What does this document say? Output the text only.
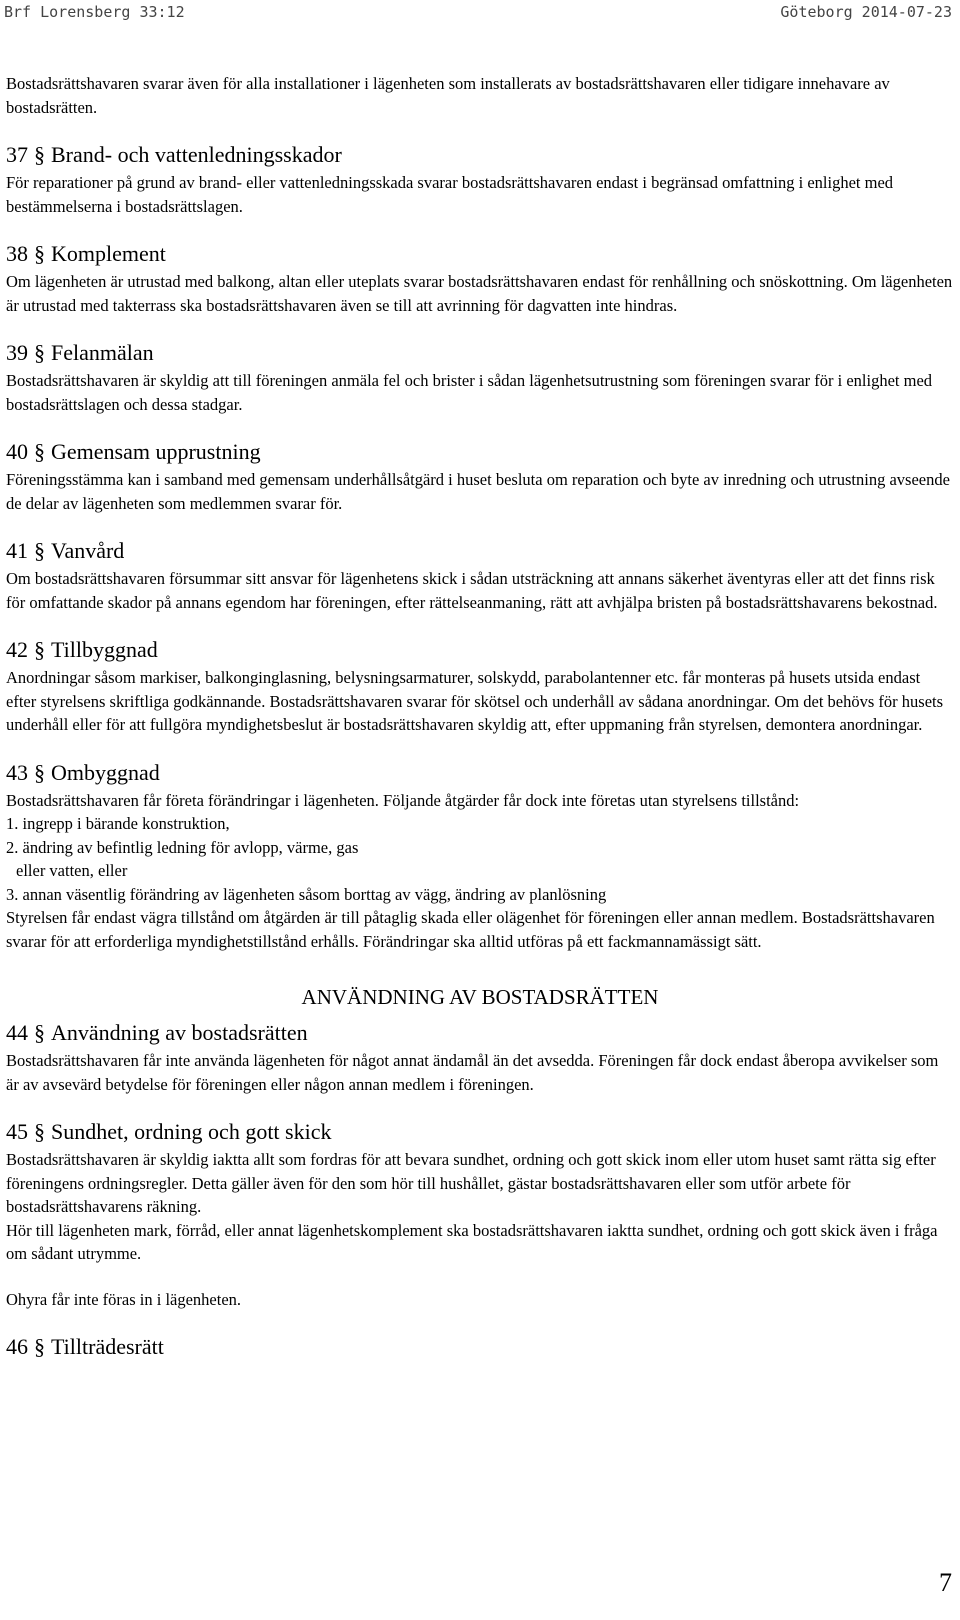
Brf Lorensberg 33:12	Göteborg 2014-07-23

Bostadsrättshavaren svarar även för alla installationer i lägenheten som installerats av bostadsrättshavaren eller tidigare innehavare av bostadsrätten.

37 § Brand- och vattenledningsskador

För reparationer på grund av brand- eller vattenledningsskada svarar bostadsrättshavaren endast i begränsad omfattning i enlighet med bestämmelserna i bostadsrättslagen.

38 § Komplement

Om lägenheten är utrustad med balkong, altan eller uteplats svarar bostadsrättshavaren endast för renhållning och snöskottning. Om lägenheten är utrustad med takterrass ska bostadsrättshavaren även se till att avrinning för dagvatten inte hindras.

39 § Felanmälan

Bostadsrättshavaren är skyldig att till föreningen anmäla fel och brister i sådan lägenhetsutrustning som föreningen svarar för i enlighet med bostadsrättslagen och dessa stadgar.

40 § Gemensam upprustning

Föreningsstämma kan i samband med gemensam underhållsåtgärd i huset besluta om reparation och byte av inredning och utrustning avseende de delar av lägenheten som medlemmen svarar för.

41 § Vanvård

Om bostadsrättshavaren försummar sitt ansvar för lägenhetens skick i sådan utsträckning att annans säkerhet äventyras eller att det finns risk för omfattande skador på annans egendom har föreningen, efter rättelseanmaning, rätt att avhjälpa bristen på bostadsrättshavarens bekostnad.

42 § Tillbyggnad

Anordningar såsom markiser, balkonginglasning, belysningsarmaturer, solskydd, parabolantenner etc. får monteras på husets utsida endast efter styrelsens skriftliga godkännande. Bostadsrättshavaren svarar för skötsel och underhåll av sådana anordningar. Om det behövs för husets underhåll eller för att fullgöra myndighetsbeslut är bostadsrättshavaren skyldig att, efter uppmaning från styrelsen, demontera anordningar.

43 § Ombyggnad

Bostadsrättshavaren får företa förändringar i lägenheten. Följande åtgärder får dock inte företas utan styrelsens tillstånd:

1. ingrepp i bärande konstruktion,
2. ändring av befintlig ledning för avlopp, värme, gas
eller vatten, eller
3. annan väsentlig förändring av lägenheten såsom borttag av vägg, ändring av planlösning

Styrelsen får endast vägra tillstånd om åtgärden är till påtaglig skada eller olägenhet för föreningen eller annan medlem. Bostadsrättshavaren svarar för att erforderliga myndighetstillstånd erhålls. Förändringar ska alltid utföras på ett fackmannamässigt sätt.

ANVÄNDNING AV BOSTADSRÄTTEN
44 § Användning av bostadsrätten

Bostadsrättshavaren får inte använda lägenheten för något annat ändamål än det avsedda. Föreningen får dock endast åberopa avvikelser som är av avsevärd betydelse för föreningen eller någon annan medlem i föreningen.

45 § Sundhet, ordning och gott skick

Bostadsrättshavaren är skyldig iaktta allt som fordras för att bevara sundhet, ordning och gott skick inom eller utom huset samt rätta sig efter föreningens ordningsregler. Detta gäller även för den som hör till hushållet, gästar bostadsrättshavaren eller som utför arbete för bostadsrättshavarens räkning.

Hör till lägenheten mark, förråd, eller annat lägenhetskomplement ska bostadsrättshavaren iaktta sundhet, ordning och gott skick även i fråga om sådant utrymme.

Ohyra får inte föras in i lägenheten.

46 § Tillträdesrätt
7
